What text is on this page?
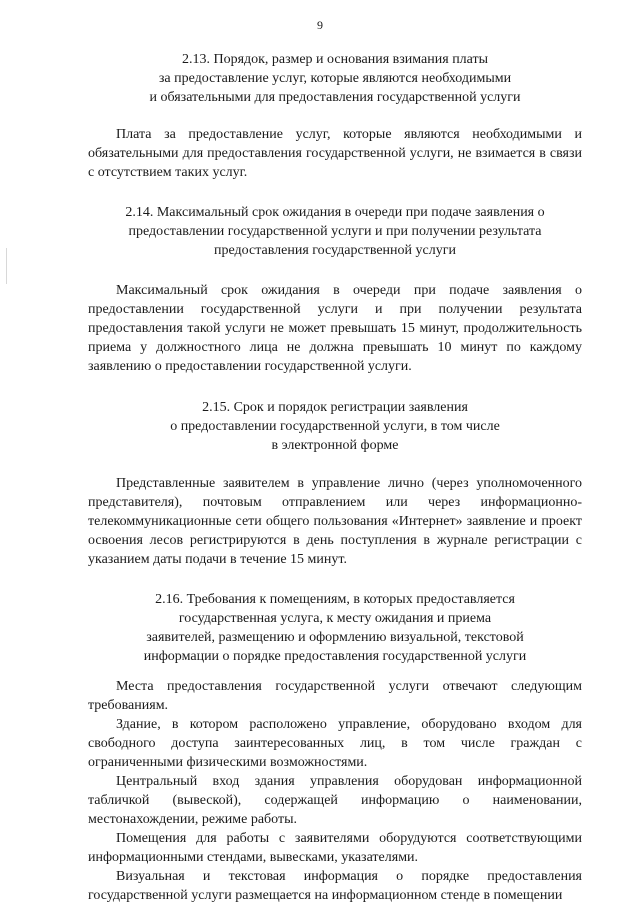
9

2.13. Порядок, размер и основания взимания платы
за предоставление услуг, которые являются необходимыми
и обязательными для предоставления государственной услуги

Плата за предоставление услуг, которые являются необходимыми и обязательными для предоставления государственной услуги, не взимается в связи с отсутствием таких услуг.

2.14. Максимальный срок ожидания в очереди при подаче заявления о
предоставлении государственной услуги и при получении результата
предоставления государственной услуги

Максимальный срок ожидания в очереди при подаче заявления о предоставлении государственной услуги и при получении результата предоставления такой услуги не может превышать 15 минут, продолжительность приема у должностного лица не должна превышать 10 минут по каждому заявлению о предоставлении государственной услуги.

2.15. Срок и порядок регистрации заявления
о предоставлении государственной услуги, в том числе
в электронной форме

Представленные заявителем в управление лично (через уполномоченного представителя), почтовым отправлением или через информационно-телекоммуникационные сети общего пользования «Интернет» заявление и проект освоения лесов регистрируются в день поступления в журнале регистрации с указанием даты подачи в течение 15 минут.

2.16. Требования к помещениям, в которых предоставляется
государственная услуга, к месту ожидания и приема
заявителей, размещению и оформлению визуальной, текстовой
информации о порядке предоставления государственной услуги

Места предоставления государственной услуги отвечают следующим требованиям.

Здание, в котором расположено управление, оборудовано входом для свободного доступа заинтересованных лиц, в том числе граждан с ограниченными физическими возможностями.

Центральный вход здания управления оборудован информационной табличкой (вывеской), содержащей информацию о наименовании, местонахождении, режиме работы.

Помещения для работы с заявителями оборудуются соответствующими информационными стендами, вывесками, указателями.

Визуальная и текстовая информация о порядке предоставления государственной услуги размещается на информационном стенде в помещении
